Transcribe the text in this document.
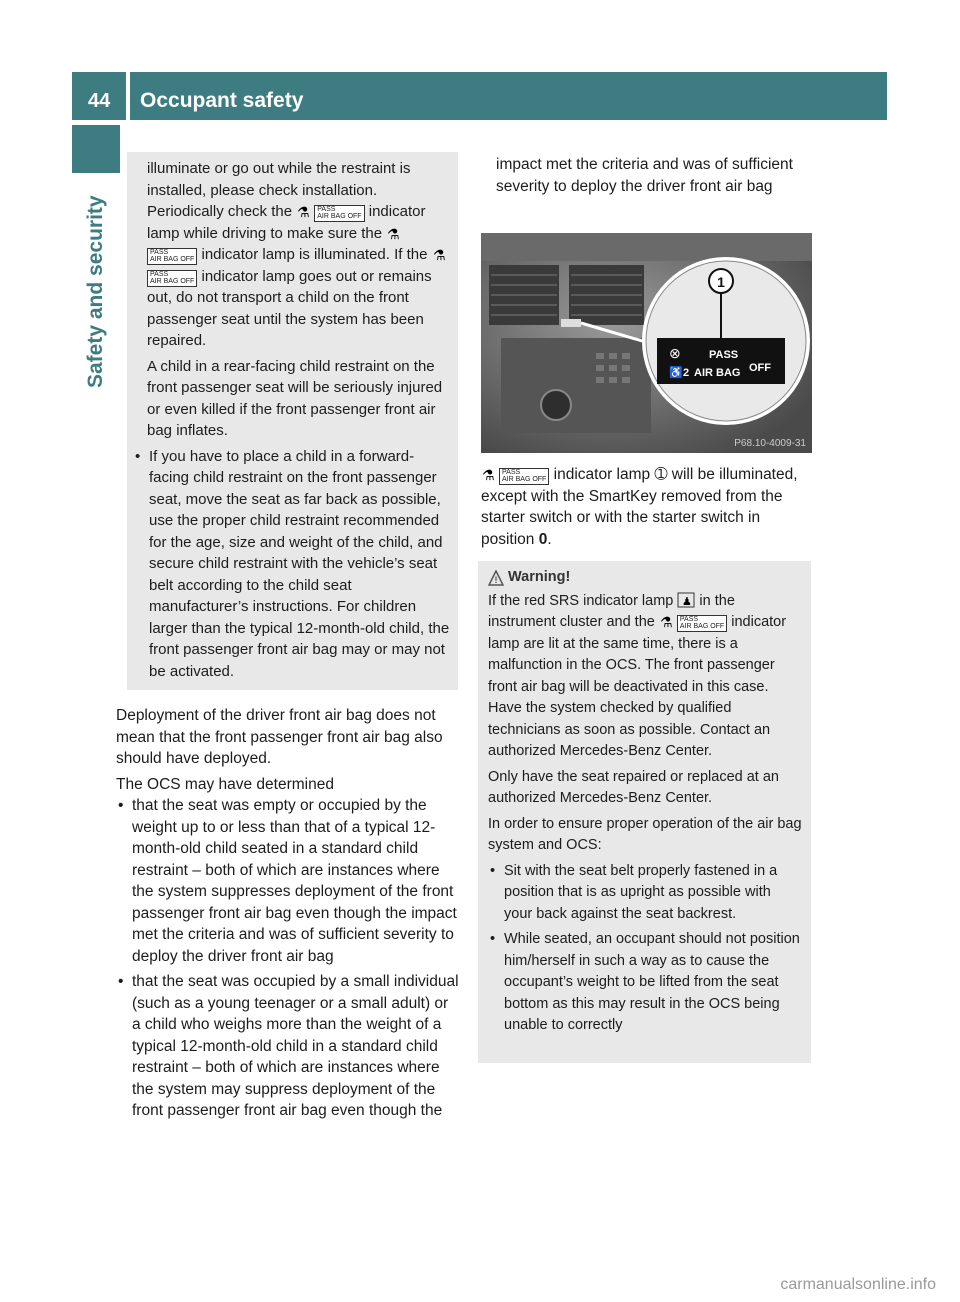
44 Occupant safety
Safety and security

illuminate or go out while the restraint is installed, please check installation. Periodically check the ⚗ PASS
AIR BAG OFF indicator lamp while driving to make sure the ⚗
PASS
AIR BAG OFF indicator lamp is illuminated. If the ⚗
PASS
AIR BAG OFF indicator lamp goes out or remains out, do not transport a child on the front passenger seat until the system has been repaired.

A child in a rear-facing child restraint on the front passenger seat will be seriously injured or even killed if the front passenger front air bag inflates.

• If you have to place a child in a forward-facing child restraint on the front passenger seat, move the seat as far back as possible, use the proper child restraint recommended for the age, size and weight of the child, and secure child restraint with the vehicle’s seat belt according to the child seat manufacturer’s instructions. For children larger than the typical 12-month-old child, the front passenger front air bag may or may not be activated.

Deployment of the driver front air bag does not mean that the front passenger front air bag also should have deployed.

The OCS may have determined

• that the seat was empty or occupied by the weight up to or less than that of a typical 12-month-old child seated in a standard child restraint – both of which are instances where the system suppresses deployment of the front passenger front air bag even though the impact met the criteria and was of sufficient severity to deploy the driver front air bag

• that the seat was occupied by a small individual (such as a young teenager or a small adult) or a child who weighs more than the weight of a typical 12-month-old child in a standard child restraint – both of which are instances where the system may suppress deployment of the front passenger front air bag even though the

impact met the criteria and was of sufficient severity to deploy the driver front air bag

⊗	PASS
♿ 2 AIR BAG OFF
1
P68.10-4009-31

⚗ PASS
AIR BAG OFF indicator lamp ➀ will be illuminated, except with the SmartKey removed from the starter switch or with the starter switch in position 0.

! Warning!

If the red SRS indicator lamp ♟ in the instrument cluster and the ⚗ PASS
AIR BAG OFF indicator lamp are lit at the same time, there is a malfunction in the OCS. The front passenger front air bag will be deactivated in this case. Have the system checked by qualified technicians as soon as possible. Contact an authorized Mercedes-Benz Center.

Only have the seat repaired or replaced at an authorized Mercedes-Benz Center.

In order to ensure proper operation of the air bag system and OCS:

• Sit with the seat belt properly fastened in a position that is as upright as possible with your back against the seat backrest.

• While seated, an occupant should not position him/herself in such a way as to cause the occupant’s weight to be lifted from the seat bottom as this may result in the OCS being unable to correctly

carmanualsonline.info
